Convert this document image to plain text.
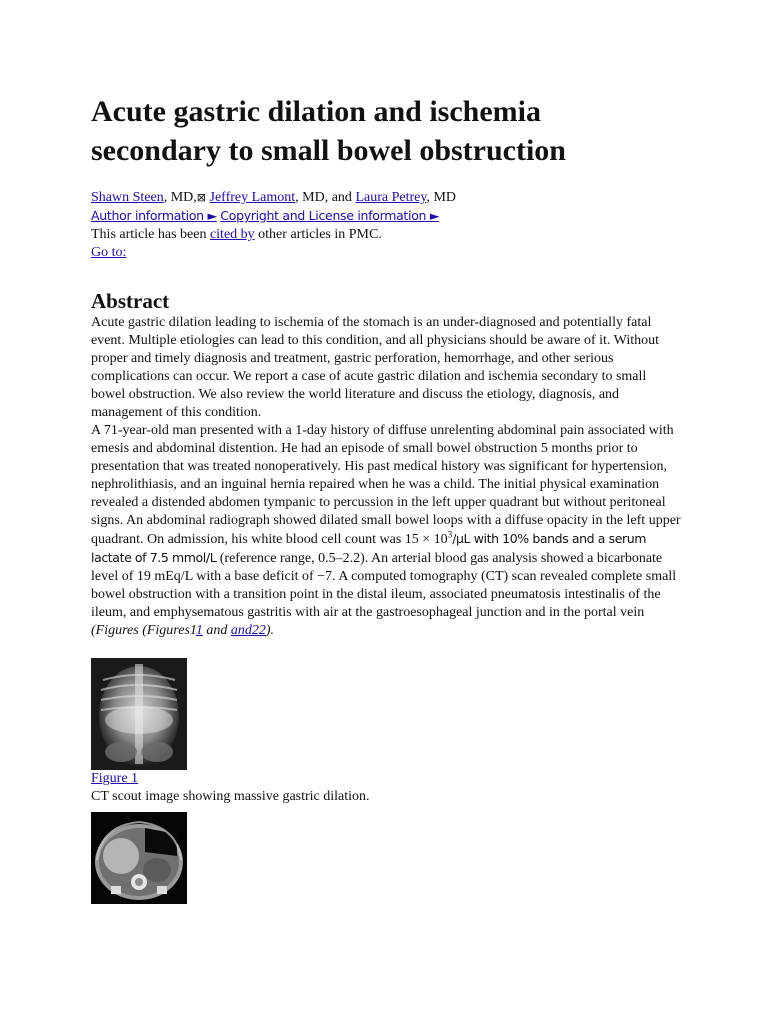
Acute gastric dilation and ischemia secondary to small bowel obstruction
Shawn Steen, MD,⊠ Jeffrey Lamont, MD, and Laura Petrey, MD
Author information ► Copyright and License information ►
This article has been cited by other articles in PMC.
Go to:
Abstract

Acute gastric dilation leading to ischemia of the stomach is an under-diagnosed and potentially fatal event. Multiple etiologies can lead to this condition, and all physicians should be aware of it. Without proper and timely diagnosis and treatment, gastric perforation, hemorrhage, and other serious complications can occur. We report a case of acute gastric dilation and ischemia secondary to small bowel obstruction. We also review the world literature and discuss the etiology, diagnosis, and management of this condition.

A 71-year-old man presented with a 1-day history of diffuse unrelenting abdominal pain associated with emesis and abdominal distention. He had an episode of small bowel obstruction 5 months prior to presentation that was treated nonoperatively. His past medical history was significant for hypertension, nephrolithiasis, and an inguinal hernia repaired when he was a child. The initial physical examination revealed a distended abdomen tympanic to percussion in the left upper quadrant but without peritoneal signs. An abdominal radiograph showed dilated small bowel loops with a diffuse opacity in the left upper quadrant. On admission, his white blood cell count was $15 \times 10^3/\mu L$ with 10% bands and a serum lactate of 7.5 mmol/L (reference range, 0.5–2.2). An arterial blood gas analysis showed a bicarbonate level of 19 mEq/L with a base deficit of −7. A computed tomography (CT) scan revealed complete small bowel obstruction with a transition point in the distal ileum, associated pneumatosis intestinalis of the ileum, and emphysematous gastritis with air at the gastroesophageal junction and in the portal vein (Figures (Figures11 and and22).

Figure 1
CT scout image showing massive gastric dilation.
